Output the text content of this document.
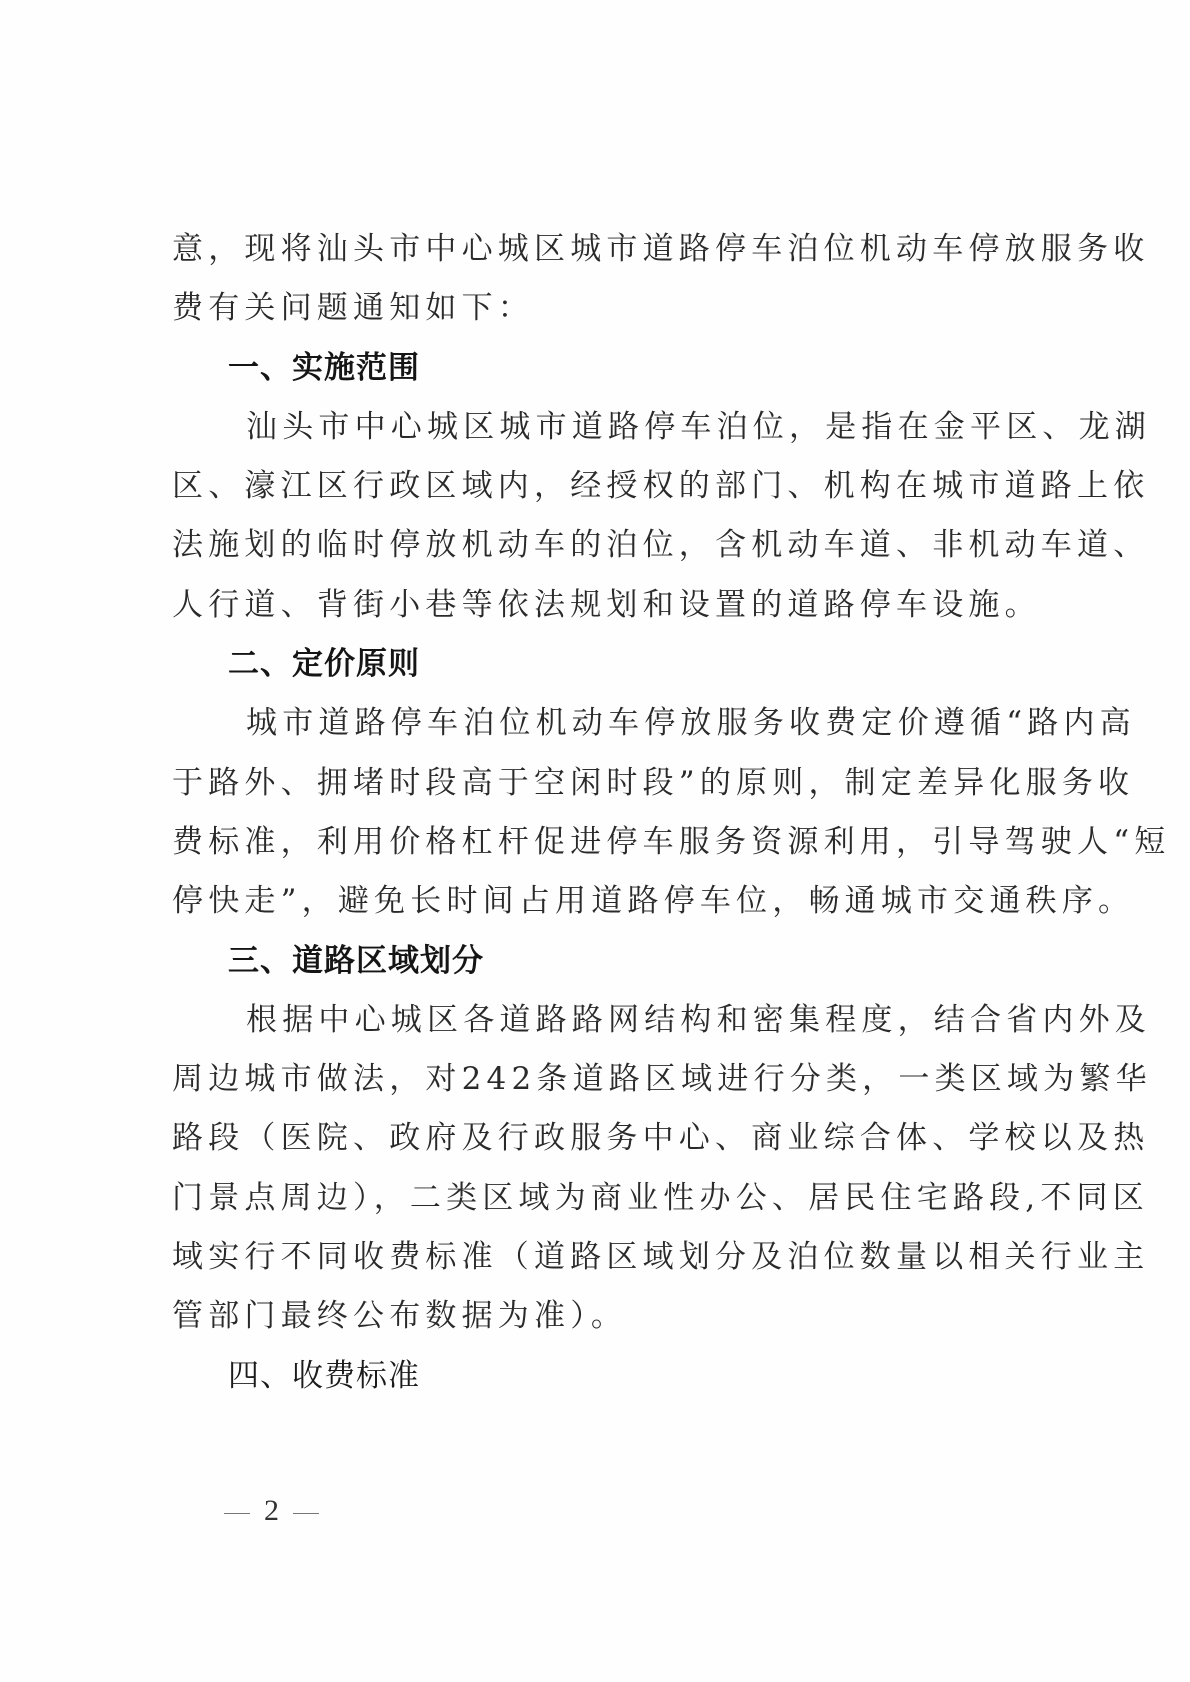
意，现将汕头市中心城区城市道路停车泊位机动车停放服务收
费有关问题通知如下：
一、实施范围
汕头市中心城区城市道路停车泊位，是指在金平区、龙湖
区、濠江区行政区域内，经授权的部门、机构在城市道路上依
法施划的临时停放机动车的泊位，含机动车道、非机动车道、
人行道、背街小巷等依法规划和设置的道路停车设施。
二、定价原则
城市道路停车泊位机动车停放服务收费定价遵循“路内高
于路外、拥堵时段高于空闲时段”的原则，制定差异化服务收
费标准，利用价格杠杆促进停车服务资源利用，引导驾驶人“短
停快走”，避免长时间占用道路停车位，畅通城市交通秩序。
三、道路区域划分
根据中心城区各道路路网结构和密集程度，结合省内外及
周边城市做法，对242条道路区域进行分类，一类区域为繁华
路段（医院、政府及行政服务中心、商业综合体、学校以及热
门景点周边），二类区域为商业性办公、居民住宅路段,不同区
域实行不同收费标准（道路区域划分及泊位数量以相关行业主
管部门最终公布数据为准）。
四、收费标准
2
